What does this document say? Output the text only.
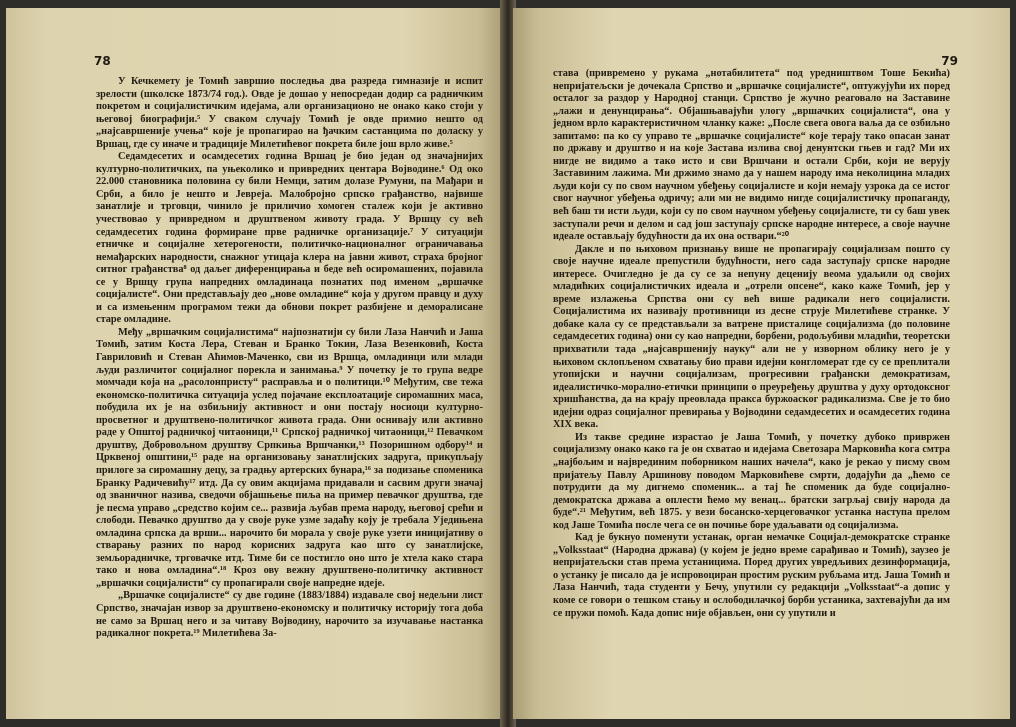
78

У Кечкемету је Томић завршио последња два разреда гимназије и испит зрелости (школске 1873/74 год.). Овде је дошао у непосредан додир са радничким покретом и социјалистичким идејама, али организационо не онако како стоји у његовој биографији.⁵ У сваком случају Томић је овде примио нешто од „најсавршеније учења“ које је пропагирао на ђачким састанцима по доласку у Вршац, где су иначе и традиције Милетићевог покрета биле још врло живе.⁵

Седамдесетих и осамдесетих година Вршац је био један од значајнијих културно-политичких, па уњеколико и привредних центара Војводине.⁶ Од око 22.000 становника половина су били Немци, затим долазе Румуни, па Мађари и Срби, а било је нешто и Јевреја. Малобројно српско грађанство, највише занатлије и трговци, чинило је приличио хомоген сталеж који је активно учествовао у привредном и друштвеном животу града. У Вршцу су већ седамдесетих година формиране прве радничке организације.⁷ У ситуацији етничке и социјалне хетерогености, политичко-националног ограничавања немађарских народности, снажног утицаја клера на јавни живот, страха бројног ситног грађанства⁸ од даљег диференцирања и беде већ осиромашених, појавила се у Вршцу група напредних омладинаца познатих под именом „вршачке социјалисте“. Они представљају део „нове омладине“ која у другом правцу и духу и са измењеним програмом тежи да обнови покрет разбијене и деморалисане старе омладине.

Међу „вршачким социјалистима“ најпознатији су били Лаза Нанчић и Јаша Томић, затим Коста Лера, Стеван и Бранко Токин, Лаза Везенковић, Коста Гавриловић и Стеван Аћимов-Маченко, сви из Вршца, омладинци или млади људи различитог социјалног порекла и занимања.⁹ У почетку је то група ведре момчади која на „расолонпристу“ расправља и о политици.¹⁰ Међутим, све тежа економско-политичка ситуација услед појачане експлоатације сиромашних маса, побудила их је на озбиљнију активност и они постају носиоци културно-просветног и друштвено-политичког живота града. Они оснивају или активно раде у Општој радничкој читаоници,¹¹ Српској радничкој читаоници,¹² Певачком друштву, Добровољном друштву Српкиња Вршчанки,¹³ Позоришном одбору¹⁴ и Црквеној општини,¹⁵ раде на организовању занатлијских задруга, прикупљају прилоге за сиромашну децу, за градњу артерских бунара,¹⁶ за подизање споменика Бранку Радичевићу¹⁷ итд. Да су овим акцијама придавали и сасвим други значај од званичног назива, сведочи објашњење пиља на пример певачког друштва, где је песма управо „средство којим се... развија љубав према народу, његовој срећи и слободи. Певачко друштво да у своје руке узме задаћу коју је требала Уједињена омладина српска да врши... нарочито би морала у своје руке узети иницијативу о стварању разних по народ корисних задруга као што су занатлијске, земљорадничке, трговачке итд. Тиме би се постигло оно што је хтела како стара тако и нова омладина“.¹⁸ Кроз ову вежну друштвено-политичку активност „вршачки социјалисти“ су пропагирали своје напредне идеје.

„Вршачке социјалисте“ су две године (1883/1884) издавале свој недељни лист Српство, значајан извор за друштвено-економску и политичку историју тога доба не само за Вршац него и за читаву Војводину, нарочито за изучавање настанка радикалног покрета.¹⁹ Милетићева За-

79

става (привремено у рукама „нотабилитета“ под уредништвом Тоше Бекића) непријатељски је дочекала Српство и „вршачке социјалисте“, оптужујући их поред осталог за раздор у Народној станци. Српство је жучно реаговало на Заставине „лажи и денунцирања“. Објашњавајући улогу „вршачких социјалиста“, она у једном врло карактеристичном чланку каже: „После свега овога ваља да се озбиљно запитамо: па ко су управо те „вршачке социјалисте“ које терају тако опасан занат по државу и друштво и на које Застава излива свој денунтски гњев и гад? Ми их нигде не видимо а тако исто и сви Вршчани и остали Срби, који не верују Заставиним лажима. Ми држимо знамо да у нашем народу има неколицина младих људи који су по свом научном убеђењу социјалисте и који немају узрока да се истог свог научног убеђења одричу; али ми не видимо нигде социјалистичку пропаганду, већ баш ти исти људи, који су по свом научном убеђењу социјалисте, ти су баш увек заступали речи и делом и сад још заступају српске народне интересе, а своје научне идеале остављају будућности да их она оствари.“²⁰

Дакле и по њиховом признању више не пропагирају социјализам пошто су своје научне идеале препустили будућности, него сада заступају српске народне интересе. Очигледно је да су се за непуну деценију веома удаљили од својих младићких социјалистичких идеала и „отрели опсене“, како каже Томић, јер у време излажења Српства они су већ више радикали него социјалисти. Социјалистима их називају противници из десне струје Милетићеве странке. У добаке кала су се представљали за ватрене присталице социјализма (до половине седамдесетих година) они су као напредни, борбени, родољубиви младићи, теоретски прихватили тада „најсавршенију науку“ али не у изворном облику него је у њиховом склопљеном схватању био прави идејни конгломерат где су се преплитали утопијски и научни социјализам, прогресивни грађански демократизам, идеалистичко-морално-етички принципи о преуређењу друштва у духу ортодоксног хришћанства, да на крају преовлада пракса буржоаског радикализма. Све је то био идејни одраз социјалног превирања у Војводини седамдесетих и осамдесетих година XIX века.

Из такве средине израстао је Јаша Томић, у почетку дубоко привржен социјализму онако како га је он схватао и идејама Светозара Марковића кога смтра „најбољим и најврединим поборником наших начела“, како је рекао у писму свом пријатељу Павлу Аршинову поводом Марковићеве смрти, додајући да „ћемо се потрудити да му дигнемо споменик... а тај ће споменик да буде социјално-демократска држава а оплести ћемо му венац... братски загрљај свију народа да буде“.²¹ Међутим, већ 1875. у вези босанско-херцеговачког устанка наступа прелом код Јаше Томића после чега се он почиње боре удаљавати од социјализма.

Кад је букнуо поменути устанак, орган немачке Социјал-демократске странке „Volksstaat“ (Народна држава) (у којем је једно време сарађивао и Томић), заузео је непријатељски став према устаницима. Поред других увредљивих дезинформација, о устанку је писало да је испровоциран простим руским рубљама итд. Јаша Томић и Лаза Нанчић, тада студенти у Бечу, упутили су редакцији „Volksstaat“-а допис у коме се говори о тешком стању и ослободилачкој борби устаника, захтевајући да им се пружи помоћ. Када допис није објављен, они су упутили и
